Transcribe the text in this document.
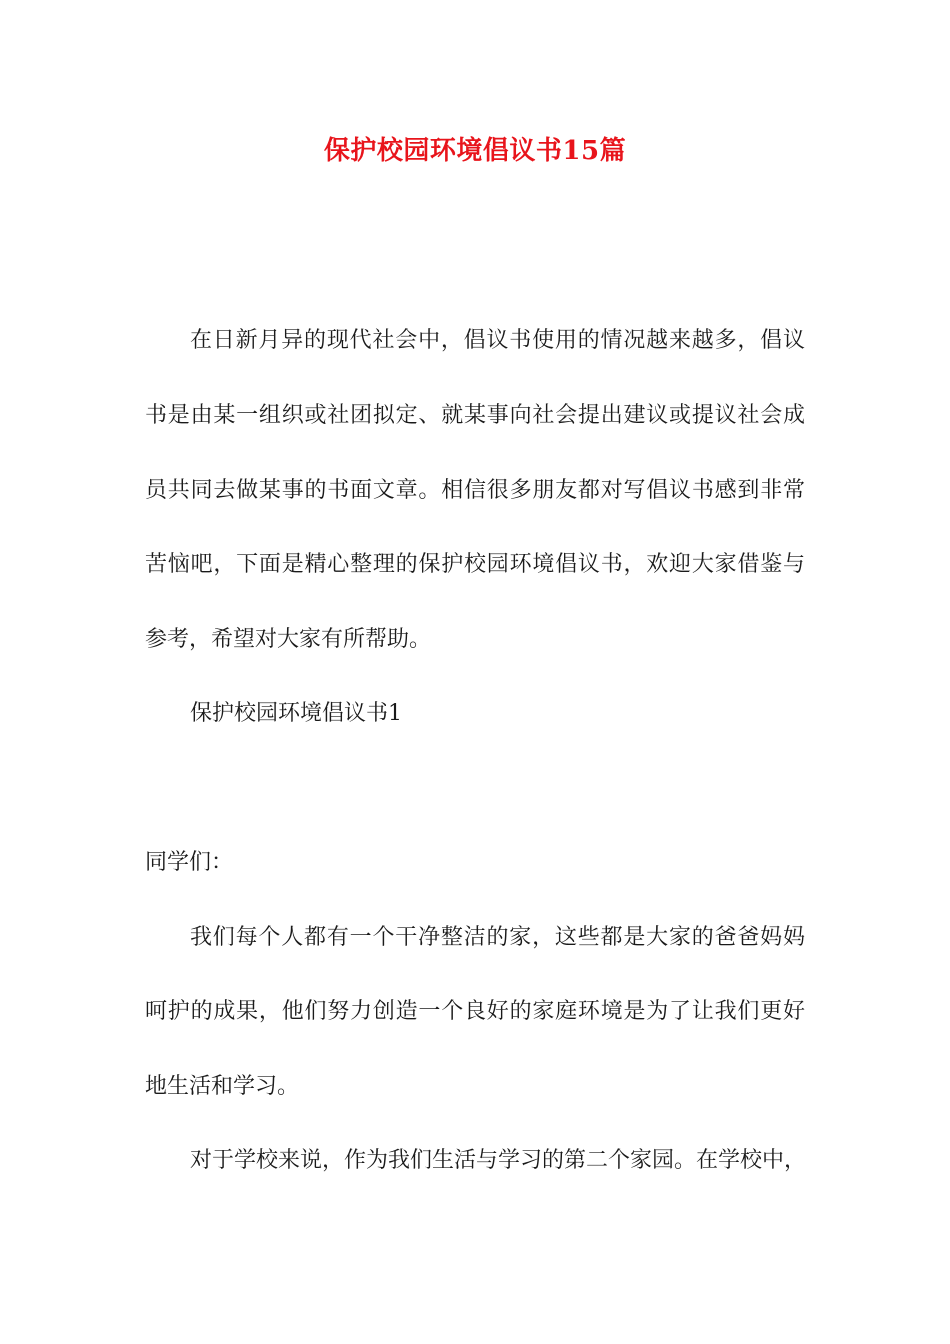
保护校园环境倡议书15篇
在日新月异的现代社会中，倡议书使用的情况越来越多，倡议
书是由某一组织或社团拟定、就某事向社会提出建议或提议社会成
员共同去做某事的书面文章。相信很多朋友都对写倡议书感到非常
苦恼吧，下面是精心整理的保护校园环境倡议书，欢迎大家借鉴与
参考，希望对大家有所帮助。
保护校园环境倡议书1
同学们：
我们每个人都有一个干净整洁的家，这些都是大家的爸爸妈妈
呵护的成果，他们努力创造一个良好的家庭环境是为了让我们更好
地生活和学习。
对于学校来说，作为我们生活与学习的第二个家园。在学校中，
